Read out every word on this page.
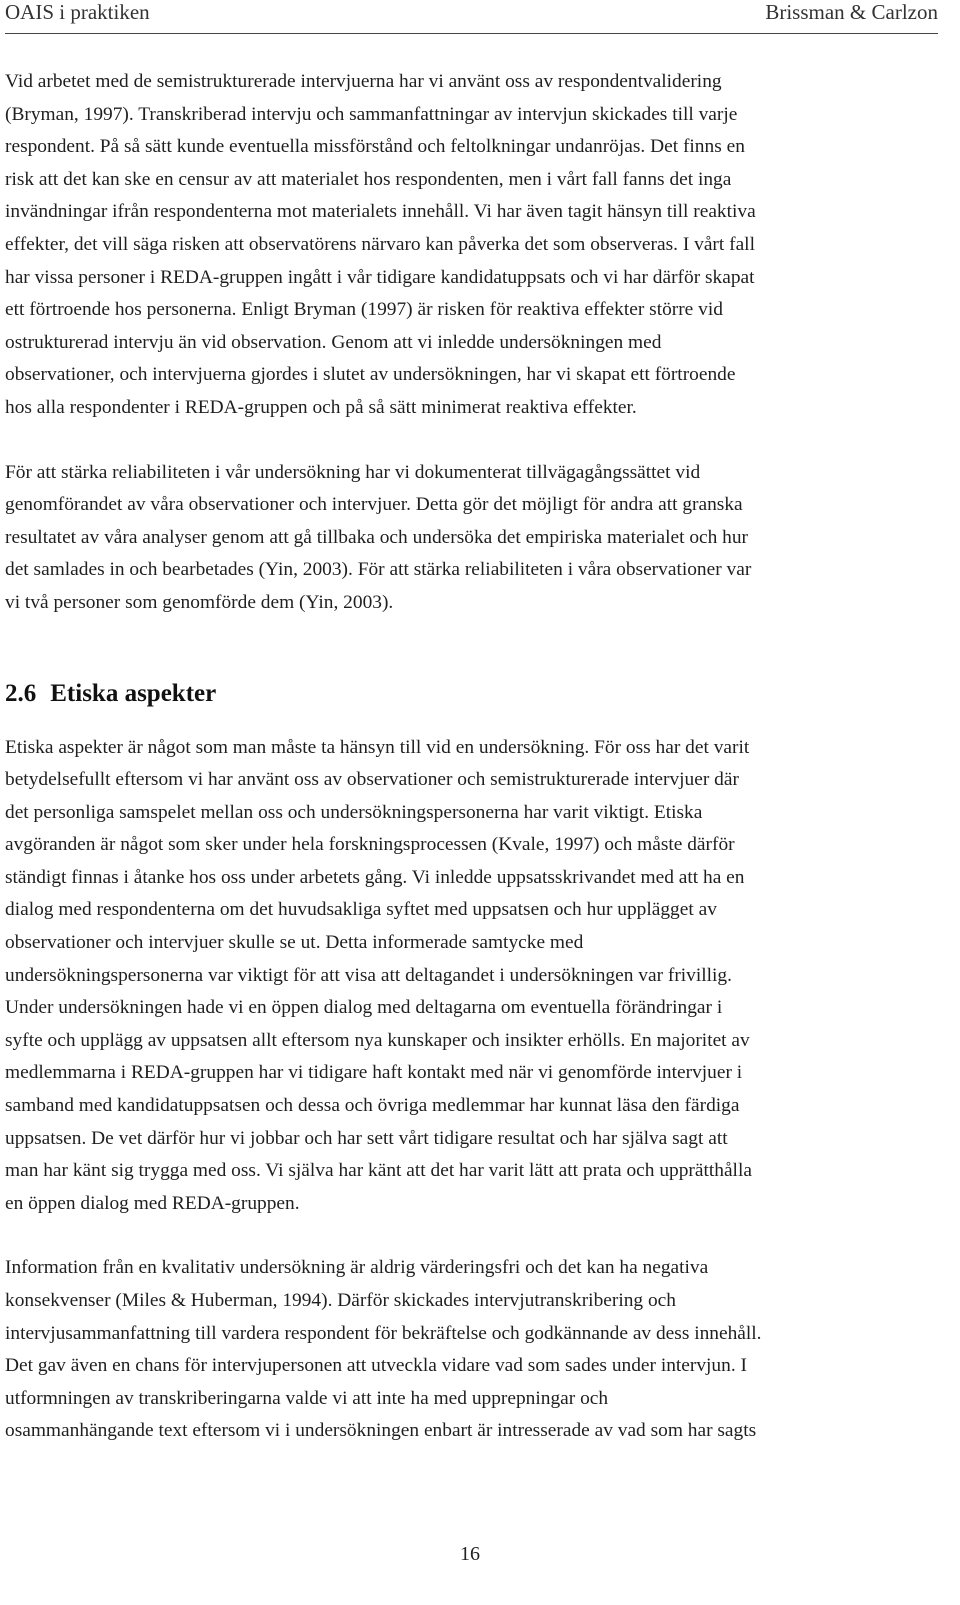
OAIS i praktiken	Brissman & Carlzon

Vid arbetet med de semistrukturerade intervjuerna har vi använt oss av respondentvalidering
(Bryman, 1997). Transkriberad intervju och sammanfattningar av intervjun skickades till varje
respondent. På så sätt kunde eventuella missförstånd och feltolkningar undanröjas. Det finns en
risk att det kan ske en censur av att materialet hos respondenten, men i vårt fall fanns det inga
invändningar ifrån respondenterna mot materialets innehåll. Vi har även tagit hänsyn till reaktiva
effekter, det vill säga risken att observatörens närvaro kan påverka det som observeras. I vårt fall
har vissa personer i REDA-gruppen ingått i vår tidigare kandidatuppsats och vi har därför skapat
ett förtroende hos personerna. Enligt Bryman (1997) är risken för reaktiva effekter större vid
ostrukturerad intervju än vid observation. Genom att vi inledde undersökningen med
observationer, och intervjuerna gjordes i slutet av undersökningen, har vi skapat ett förtroende
hos alla respondenter i REDA-gruppen och på så sätt minimerat reaktiva effekter.

För att stärka reliabiliteten i vår undersökning har vi dokumenterat tillvägagångssättet vid
genomförandet av våra observationer och intervjuer. Detta gör det möjligt för andra att granska
resultatet av våra analyser genom att gå tillbaka och undersöka det empiriska materialet och hur
det samlades in och bearbetades (Yin, 2003). För att stärka reliabiliteten i våra observationer var
vi två personer som genomförde dem (Yin, 2003).

2.6 Etiska aspekter

Etiska aspekter är något som man måste ta hänsyn till vid en undersökning. För oss har det varit
betydelsefullt eftersom vi har använt oss av observationer och semistrukturerade intervjuer där
det personliga samspelet mellan oss och undersökningspersonerna har varit viktigt. Etiska
avgöranden är något som sker under hela forskningsprocessen (Kvale, 1997) och måste därför
ständigt finnas i åtanke hos oss under arbetets gång. Vi inledde uppsatsskrivandet med att ha en
dialog med respondenterna om det huvudsakliga syftet med uppsatsen och hur upplägget av
observationer och intervjuer skulle se ut. Detta informerade samtycke med
undersökningspersonerna var viktigt för att visa att deltagandet i undersökningen var frivillig.
Under undersökningen hade vi en öppen dialog med deltagarna om eventuella förändringar i
syfte och upplägg av uppsatsen allt eftersom nya kunskaper och insikter erhölls. En majoritet av
medlemmarna i REDA-gruppen har vi tidigare haft kontakt med när vi genomförde intervjuer i
samband med kandidatuppsatsen och dessa och övriga medlemmar har kunnat läsa den färdiga
uppsatsen. De vet därför hur vi jobbar och har sett vårt tidigare resultat och har själva sagt att
man har känt sig trygga med oss. Vi själva har känt att det har varit lätt att prata och upprätthålla
en öppen dialog med REDA-gruppen.

Information från en kvalitativ undersökning är aldrig värderingsfri och det kan ha negativa
konsekvenser (Miles & Huberman, 1994). Därför skickades intervjutranskribering och
intervjusammanfattning till vardera respondent för bekräftelse och godkännande av dess innehåll.
Det gav även en chans för intervjupersonen att utveckla vidare vad som sades under intervjun. I
utformningen av transkriberingarna valde vi att inte ha med upprepningar och
osammanhängande text eftersom vi i undersökningen enbart är intresserade av vad som har sagts

16
